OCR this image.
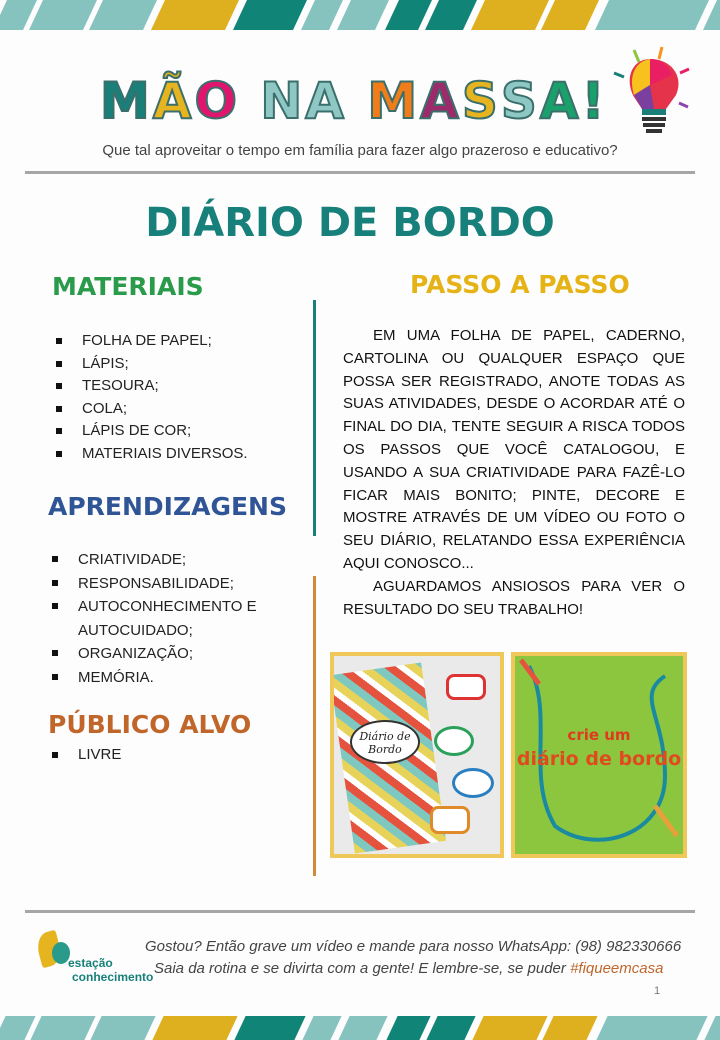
MÃO NA MASSA!
Que tal aproveitar o tempo em família para fazer algo prazeroso e educativo?
DIÁRIO DE BORDO
MATERIAIS
FOLHA DE PAPEL;
LÁPIS;
TESOURA;
COLA;
LÁPIS DE COR;
MATERIAIS DIVERSOS.
APRENDIZAGENS
CRIATIVIDADE;
RESPONSABILIDADE;
AUTOCONHECIMENTO E AUTOCUIDADO;
ORGANIZAÇÃO;
MEMÓRIA.
PÚBLICO ALVO
LIVRE
PASSO A PASSO

EM UMA FOLHA DE PAPEL, CADERNO, CARTOLINA OU QUALQUER ESPAÇO QUE POSSA SER REGISTRADO, ANOTE TODAS AS SUAS ATIVIDADES, DESDE O ACORDAR ATÉ O FINAL DO DIA, TENTE SEGUIR A RISCA TODOS OS PASSOS QUE VOCÊ CATALOGOU, E USANDO A SUA CRIATIVIDADE PARA FAZÊ-LO FICAR MAIS BONITO; PINTE, DECORE E MOSTRE ATRAVÉS DE UM VÍDEO OU FOTO O SEU DIÁRIO, RELATANDO ESSA EXPERIÊNCIA AQUI CONOSCO...

AGUARDAMOS ANSIOSOS PARA VER O RESULTADO DO SEU TRABALHO!

Diário de Bordo
crie um
diário de bordo
estação
conhecimento
Gostou? Então grave um vídeo e mande para nosso WhatsApp: (98) 982330666
Saia da rotina e se divirta com a gente! E lembre-se, se puder #fiqueemcasa
1
